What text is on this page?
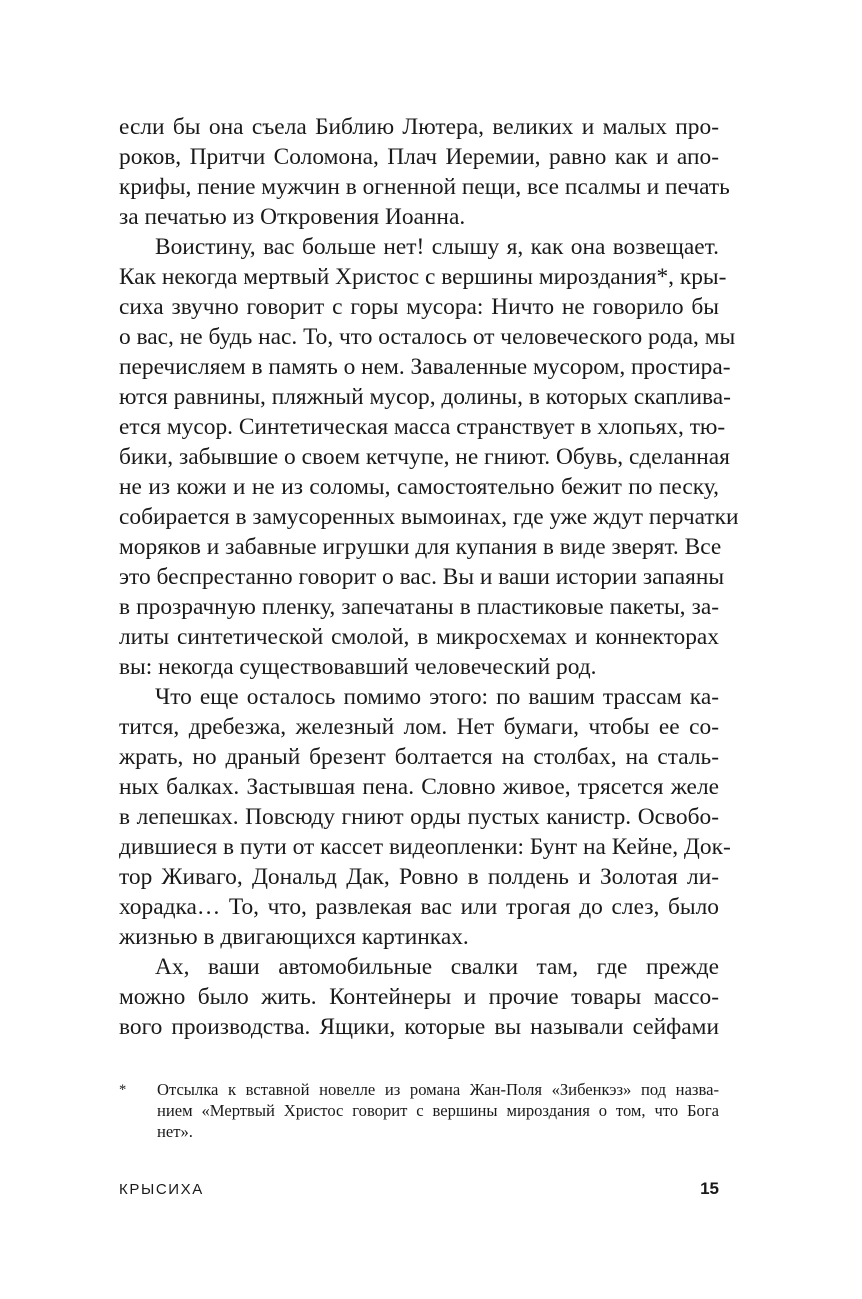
если бы она съела Библию Лютера, великих и малых про-
роков, Притчи Соломона, Плач Иеремии, равно как и апо-
крифы, пение мужчин в огненной пещи, все псалмы и печать
за печатью из Откровения Иоанна.
Воистину, вас больше нет! слышу я, как она возвещает.
Как некогда мертвый Христос с вершины мироздания*, кры-
сиха звучно говорит с горы мусора: Ничто не говорило бы
о вас, не будь нас. То, что осталось от человеческого рода, мы
перечисляем в память о нем. Заваленные мусором, простира-
ются равнины, пляжный мусор, долины, в которых скаплива-
ется мусор. Синтетическая масса странствует в хлопьях, тю-
бики, забывшие о своем кетчупе, не гниют. Обувь, сделанная
не из кожи и не из соломы, самостоятельно бежит по песку,
собирается в замусоренных вымоинах, где уже ждут перчатки
моряков и забавные игрушки для купания в виде зверят. Все
это беспрестанно говорит о вас. Вы и ваши истории запаяны
в прозрачную пленку, запечатаны в пластиковые пакеты, за-
литы синтетической смолой, в микросхемах и коннекторах
вы: некогда существовавший человеческий род.
Что еще осталось помимо этого: по вашим трассам ка-
тится, дребезжа, железный лом. Нет бумаги, чтобы ее со-
жрать, но драный брезент болтается на столбах, на сталь-
ных балках. Застывшая пена. Словно живое, трясется желе
в лепешках. Повсюду гниют орды пустых канистр. Освобо-
дившиеся в пути от кассет видеопленки: Бунт на Кейне, Док-
тор Живаго, Дональд Дак, Ровно в полдень и Золотая ли-
хорадка… То, что, развлекая вас или трогая до слез, было
жизнью в двигающихся картинках.
Ах, ваши автомобильные свалки там, где прежде
можно было жить. Контейнеры и прочие товары массо-
вого производства. Ящики, которые вы называли сейфами
* Отсылка к вставной новелле из романа Жан-Поля «Зибенкэз» под назва-
нием «Мертвый Христос говорит с вершины мироздания о том, что Бога
нет».
КРЫСИХА	15
